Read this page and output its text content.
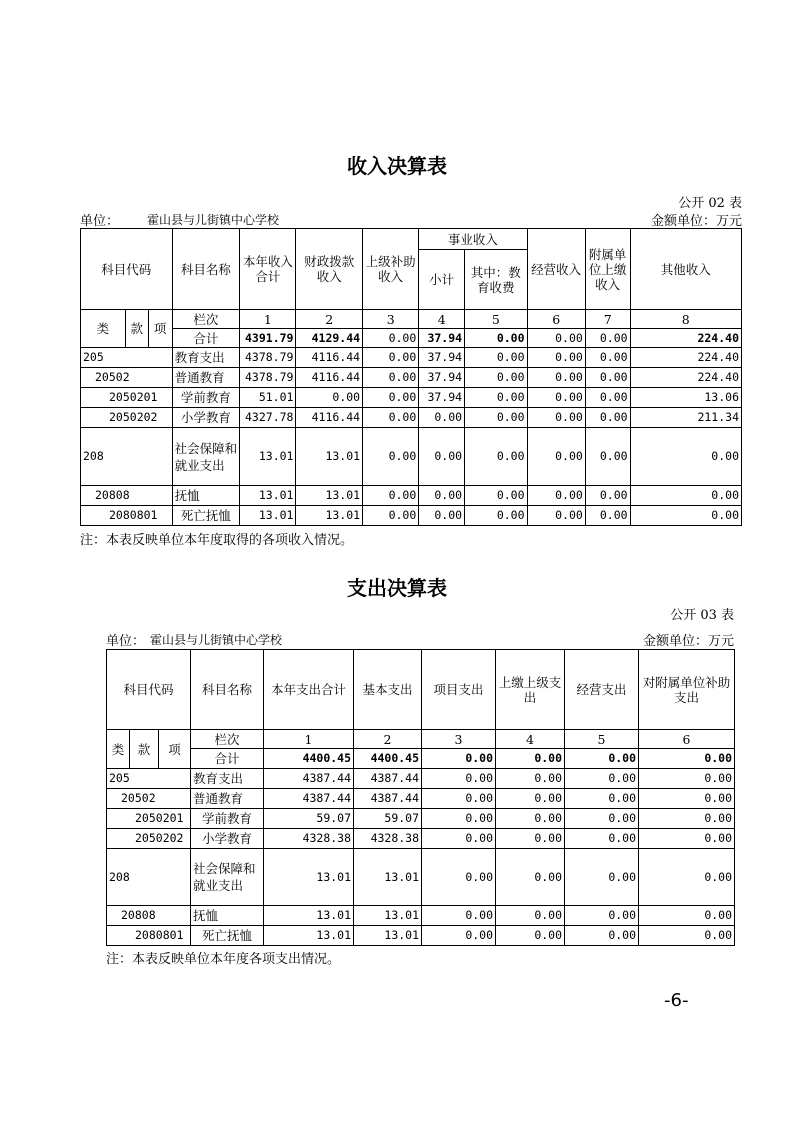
收入决算表
公开 02 表
单位： 霍山县与儿街镇中心学校	金额单位：万元
科目代码			科目名称	本年收入合计	财政拨款收入	上级补助收入	事业收入		经营收入	附属单位上缴收入	其他收入
							小计	其中：教育收费			
类	款	项	栏次	1	2	3	4	5	6	7	8
			合计	4391.79	4129.44	0.00	37.94	0.00	0.00	0.00	224.40
205			教育支出	4378.79	4116.44	0.00	37.94	0.00	0.00	0.00	224.40
20502			普通教育	4378.79	4116.44	0.00	37.94	0.00	0.00	0.00	224.40
2050201			学前教育	51.01	0.00	0.00	37.94	0.00	0.00	0.00	13.06
2050202			小学教育	4327.78	4116.44	0.00	0.00	0.00	0.00	0.00	211.34
208			社会保障和就业支出	13.01	13.01	0.00	0.00	0.00	0.00	0.00	0.00
20808			抚恤	13.01	13.01	0.00	0.00	0.00	0.00	0.00	0.00
2080801			死亡抚恤	13.01	13.01	0.00	0.00	0.00	0.00	0.00	0.00
注：本表反映单位本年度取得的各项收入情况。
支出决算表
公开 03 表
单位： 霍山县与儿街镇中心学校	金额单位：万元
科目代码			科目名称	本年支出合计	基本支出	项目支出	上缴上级支出	经营支出	对附属单位补助支出
类	款	项	栏次	1	2	3	4	5	6
			合计	4400.45	4400.45	0.00	0.00	0.00	0.00
205			教育支出	4387.44	4387.44	0.00	0.00	0.00	0.00
20502			普通教育	4387.44	4387.44	0.00	0.00	0.00	0.00
2050201			学前教育	59.07	59.07	0.00	0.00	0.00	0.00
2050202			小学教育	4328.38	4328.38	0.00	0.00	0.00	0.00
208			社会保障和就业支出	13.01	13.01	0.00	0.00	0.00	0.00
20808			抚恤	13.01	13.01	0.00	0.00	0.00	0.00
2080801			死亡抚恤	13.01	13.01	0.00	0.00	0.00	0.00
注：本表反映单位本年度各项支出情况。
-6-
